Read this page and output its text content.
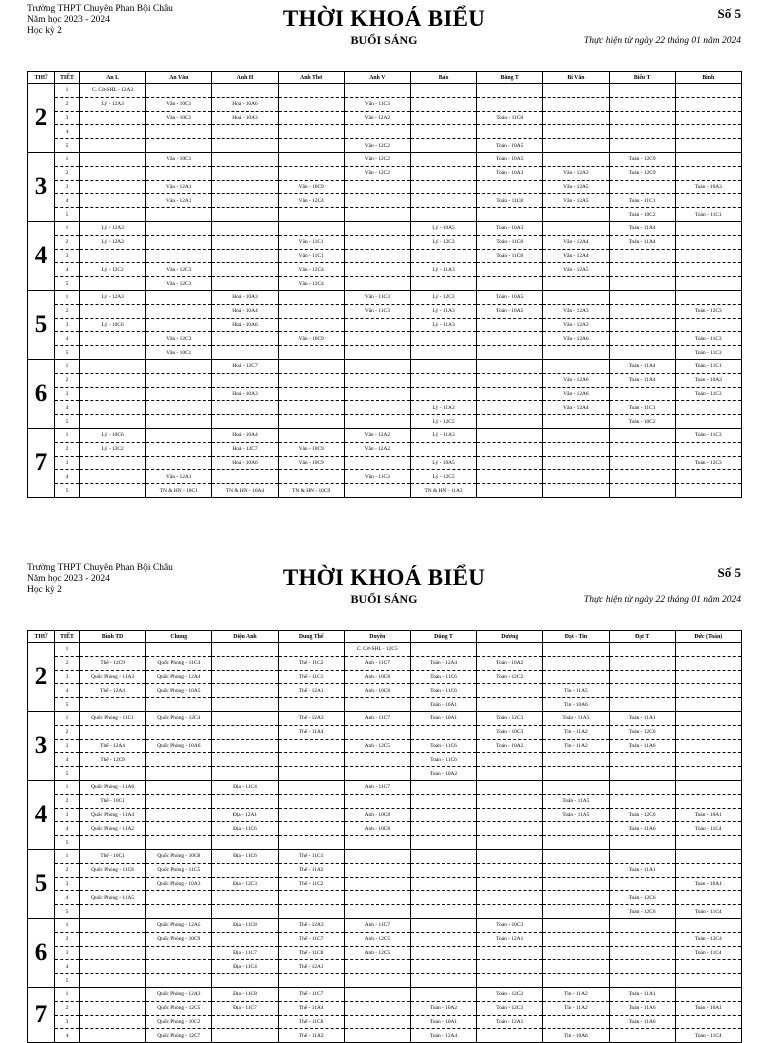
Trường THPT Chuyên Phan Bội Châu
Năm học 2023 - 2024
Học kỳ 2	THỜI KHOÁ BIỂU
BUỔI SÁNG
Số 5
Thực hiện từ ngày 22 tháng 01 năm 2024
THỨ	TIẾT	An L	An Văn	Anh H	Anh Thơ	Anh V	Bảo	Bằng T	Bi Văn	Biểu T	Bình
2	1	C. Cờ-SHL - 12A3									
	2	Lý - 12A3	Văn - 10C1	Hoá - 10A6		Văn - 11C3					
	3		Văn - 10C1	Hoá - 10A3		Văn - 12A2		Toán - 11C8			
	4										
	5					Văn - 12C2		Toán - 10A5			
3	1		Văn - 10C1			Văn - 12C2		Toán - 10A5		Toán - 12C9	
	2					Văn - 12C2		Toán - 10A3	Văn - 12A3	Toán - 12C9	
	3		Văn - 12A1		Văn - 10C9				Văn - 12A5		Toán - 10A3
	4		Văn - 12A1		Văn - 12C4			Toán - 11C8	Văn - 12A5	Toán - 11C1	
	5									Toán - 10C2	Toán - 11C1
4	1	Lý - 12A3					Lý - 10A5	Toán - 10A3		Toán - 11A4	
	2	Lý - 12A3			Văn - 11C1		Lý - 12C3	Toán - 11C8	Văn - 12A4	Toán - 11A4	
	3				Văn - 11C1			Toán - 11C8	Văn - 12A4		
	4	Lý - 12C2	Văn - 12C3		Văn - 12C4		Lý - 11A3		Văn - 12A5		
	5		Văn - 12C3		Văn - 12C4						
5	1	Lý - 12A3		Hoá - 10A3		Văn - 11C3	Lý - 12C3	Toán - 10A5			
	2			Hoá - 10A4		Văn - 11C3	Lý - 11A3	Toán - 10A5	Văn - 12A3		Toán - 12C3
	3	Lý - 10C6		Hoá - 10A6			Lý - 11A3		Văn - 12A3		
	4		Văn - 12C3		Văn - 10C9				Văn - 12A6		Toán - 11C3
	5		Văn - 10C1								Toán - 11C3
6	1			Hoá - 12C7						Toán - 11A4	Toán - 11C1
	2								Văn - 12A6	Toán - 11A4	Toán - 10A3
	3			Hoá - 10A3					Văn - 12A6		Toán - 11C3
	4						Lý - 11A3		Văn - 12A4	Toán - 11C1	
	5						Lý - 12C5			Toán - 10C2	
7	1	Lý - 10C6		Hoá - 10A4		Văn - 12A2	Lý - 11A3				Toán - 11C3
	2	Lý - 12C2		Hoá - 12C7	Văn - 10C9	Văn - 12A2					
	3			Hoá - 10A6	Văn - 10C9		Lý - 10A5				Toán - 12C3
	4		Văn - 12A1			Văn - 11C3	Lý - 12C5				
	5		TN & HN - 10C1	TN & HN - 10A4	TN & HN - 10C9		TN & HN - 11A3				
Trường THPT Chuyên Phan Bội Châu
Năm học 2023 - 2024
Học kỳ 2	THỜI KHOÁ BIỂU
BUỔI SÁNG
Số 5
Thực hiện từ ngày 22 tháng 01 năm 2024
THỨ	TIẾT	Bình TD	Chung	Diệu Anh	Dung Thể	Duyên	Dũng T	Dương	Đạt - Tin	Đạt T	Đức (Toán)
2	1					C. Cờ-SHL - 12C5					
	2	Thể - 12C9	Quốc Phòng - 11C4		Thể - 11C2	Anh - 11C7	Toán - 12A4	Toán - 10A2			
	3	Quốc Phòng - 11A3	Quốc Phòng - 12A4		Thể - 11C1	Anh - 10C8	Toán - 11C6	Toán - 12C2			
	4	Thể - 12A4	Quốc Phòng - 10A5		Thể - 12A1	Anh - 10C8	Toán - 11C6		Tin - 11A5		
	5						Toán - 10A1		Tin - 10A6		
3	1	Quốc Phòng - 11C1	Quốc Phòng - 12C4		Thể - 12A3	Anh - 11C7	Toán - 10A1	Toán - 12C3	Toán - 11A5	Toán - 11A1	
	2				Thể - 11A4			Toán - 10C3	Tin - 11A2	Toán - 12C6	
	3	Thể - 12A4	Quốc Phòng - 10A6			Anh - 12C5	Toán - 11C6	Toán - 10A2	Tin - 11A2	Toán - 11A6	
	4	Thể - 12C9					Toán - 11C6				
	5						Toán - 10A2				
4	1	Quốc Phòng - 11A6		Địa - 11C4		Anh - 11C7					
	2	Thể - 10C1							Toán - 11A5		
	3	Quốc Phòng - 11A4		Địa - 12A1		Anh - 10C8			Toán - 11A5	Toán - 12C6	Toán - 10A1
	4	Quốc Phòng - 11A2		Địa - 11C6		Anh - 10C8				Toán - 11A6	Toán - 11C4
	5										
5	1	Thể - 10C1	Quốc Phòng - 10C8	Địa - 11C6	Thể - 11C1						
	2	Quốc Phòng - 11C8	Quốc Phòng - 11C5		Thể - 11A2					Toán - 11A1	
	3		Quốc Phòng - 10A3	Địa - 12C3	Thể - 11C2						Toán - 10A1
	4	Quốc Phòng - 11A5								Toán - 12C6	
	5									Toán - 12C6	Toán - 11C4
6	1		Quốc Phòng - 12A5	Địa - 11C8	Thể - 12A3	Anh - 11C7		Toán - 10C3			
	2		Quốc Phòng - 10C9		Thể - 11C7	Anh - 12C5		Toán - 12A1			Toán - 12C4
	3			Địa - 11C7	Thể - 11C8	Anh - 12C5					Toán - 11C4
	4			Địa - 11C4	Thể - 12A1						
	5										
7	1		Quốc Phòng - 12A3	Địa - 11C8	Thể - 11C7			Toán - 12C2	Tin - 11A2	Toán - 11A1	
	2		Quốc Phòng - 12C5	Địa - 11C7	Thể - 11A4		Toán - 10A2	Toán - 12C3	Tin - 11A2	Toán - 11A6	Toán - 10A1
	3		Quốc Phòng - 10C2		Thể - 11C8		Toán - 10A1	Toán - 12A1		Toán - 11A6	
	4		Quốc Phòng - 12C7		Thể - 11A2		Toán - 12A4		Tin - 10A6		Toán - 11C4
